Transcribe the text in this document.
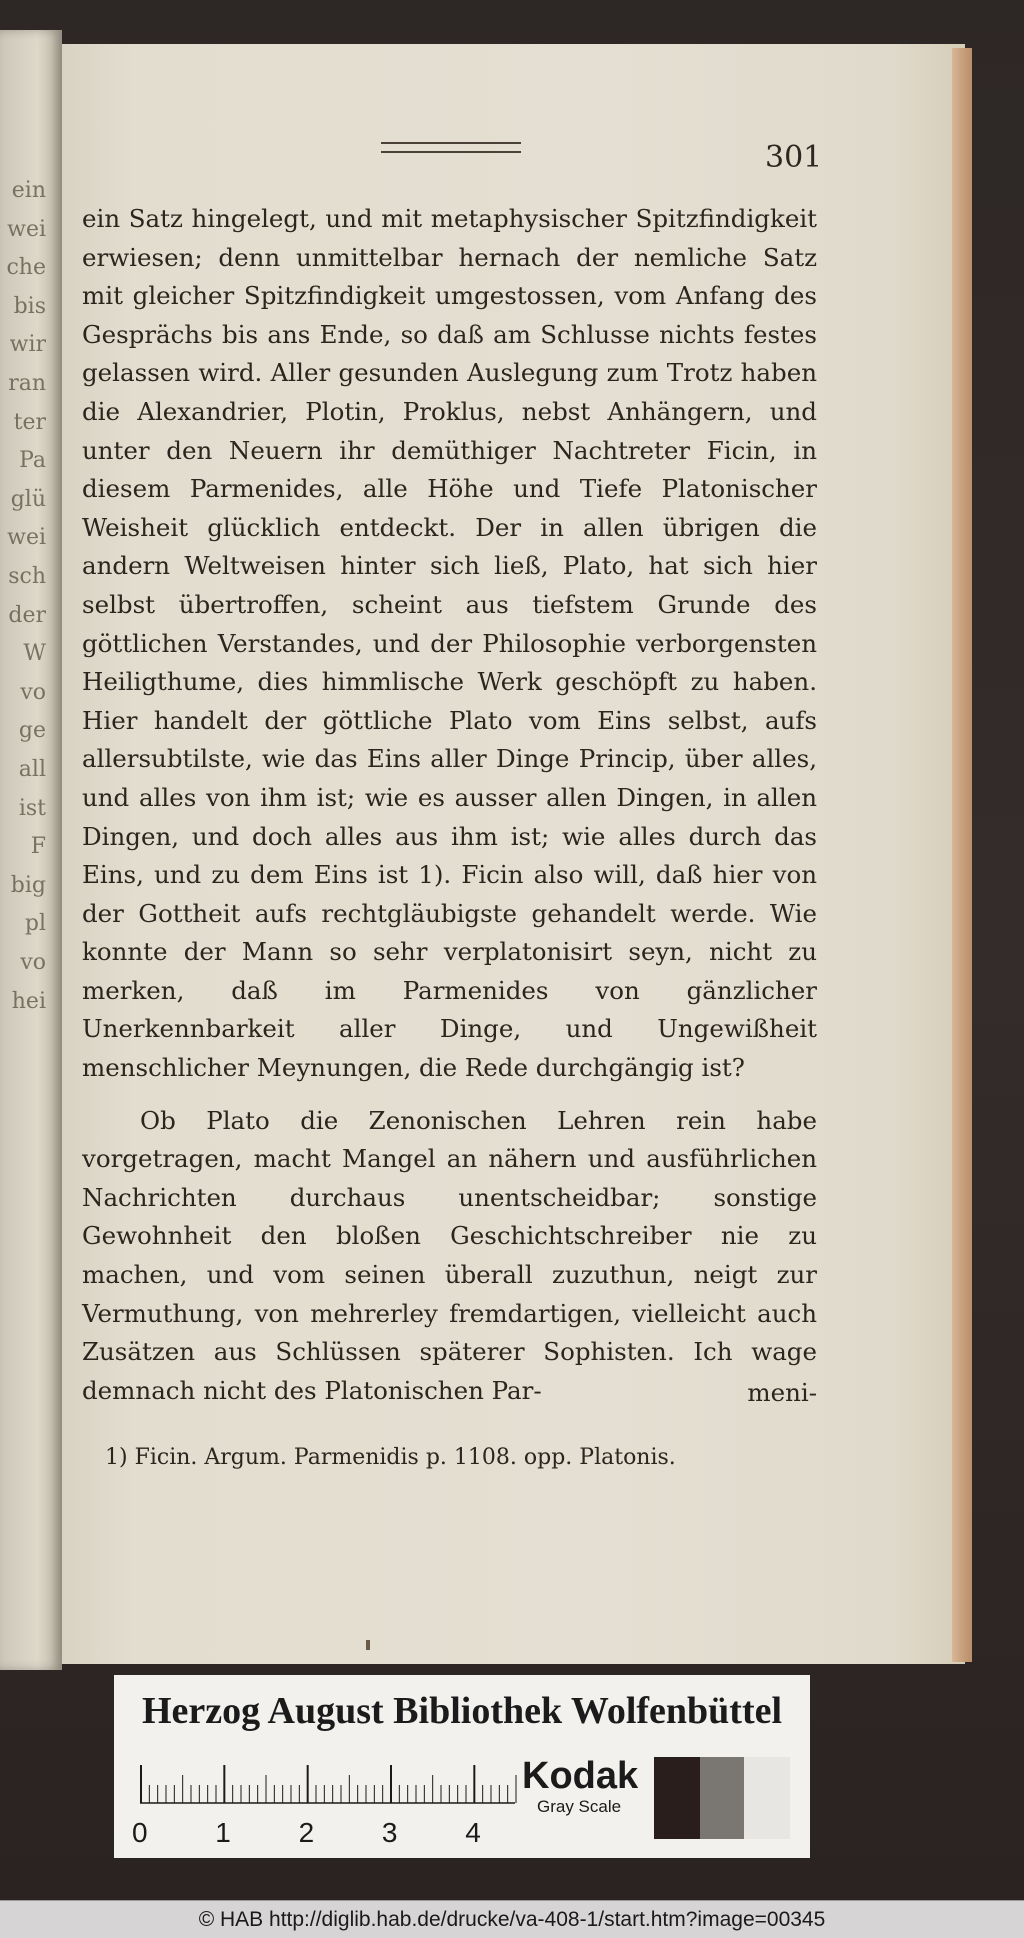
ein
wei
che
bis
wir
ran
ter
Pa
glü
wei
sch
der
W
vo
ge
all
ist
F
big
pl
vo
hei
301

ein Satz hingelegt, und mit metaphysischer Spitzfindigkeit erwiesen; denn unmittelbar hernach der nemliche Satz mit gleicher Spitzfindigkeit umgestossen, vom Anfang des Gesprächs bis ans Ende, so daß am Schlusse nichts festes gelassen wird. Aller gesunden Auslegung zum Trotz haben die Alexandrier, Plotin, Proklus, nebst Anhängern, und unter den Neuern ihr demüthiger Nachtreter Ficin, in diesem Parmenides, alle Höhe und Tiefe Platonischer Weisheit glücklich entdeckt. Der in allen übrigen die andern Weltweisen hinter sich ließ, Plato, hat sich hier selbst übertroffen, scheint aus tiefstem Grunde des göttlichen Verstandes, und der Philosophie verborgensten Heiligthume, dies himmlische Werk geschöpft zu haben. Hier handelt der göttliche Plato vom Eins selbst, aufs allersubtilste, wie das Eins aller Dinge Princip, über alles, und alles von ihm ist; wie es ausser allen Dingen, in allen Dingen, und doch alles aus ihm ist; wie alles durch das Eins, und zu dem Eins ist 1). Ficin also will, daß hier von der Gottheit aufs rechtgläubigste gehandelt werde. Wie konnte der Mann so sehr verplatonisirt seyn, nicht zu merken, daß im Parmenides von gänzlicher Unerkennbarkeit aller Dinge, und Ungewißheit menschlicher Meynungen, die Rede durchgängig ist?

Ob Plato die Zenonischen Lehren rein habe vorgetragen, macht Mangel an nähern und ausführlichen Nachrichten durchaus unentscheidbar; sonstige Gewohnheit den bloßen Geschichtschreiber nie zu machen, und vom seinen überall zuzuthun, neigt zur Vermuthung, von mehrerley fremdartigen, vielleicht auch Zusätzen aus Schlüssen späterer Sophisten. Ich wage demnach nicht des Platonischen Par-	meni-
1) Ficin. Argum. Parmenidis p. 1108. opp. Platonis.
Herzog August Bibliothek Wolfenbüttel
0 1 2 3 4
Kodak
Gray Scale
© HAB http://diglib.hab.de/drucke/va-408-1/start.htm?image=00345
